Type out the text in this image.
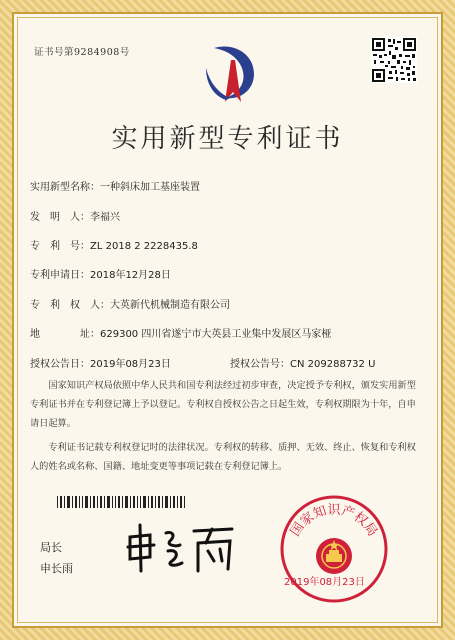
证书号第9284908号
实用新型专利证书
实用新型名称：一种斜床加工基座装置
发　明　人：李福兴
专　利　号：ZL 2018 2 2228435.8
专利申请日：2018年12月28日
专　利　权　人：大英新代机械制造有限公司
地　　　　址：629300 四川省遂宁市大英县工业集中发展区马家桠
授权公告日：2019年08月23日	授权公告号：CN 209288732 U
国家知识产权局依照中华人民共和国专利法经过初步审查，决定授予专利权，颁发实用新型专利证书并在专利登记簿上予以登记。专利权自授权公告之日起生效，专利权期限为十年，自申请日起算。
专利证书记载专利权登记时的法律状况。专利权的转移、质押、无效、终止、恢复和专利权人的姓名或名称、国籍、地址变更等事项记载在专利登记簿上。
局长
申长雨
国家知识产权局
2019年08月23日
